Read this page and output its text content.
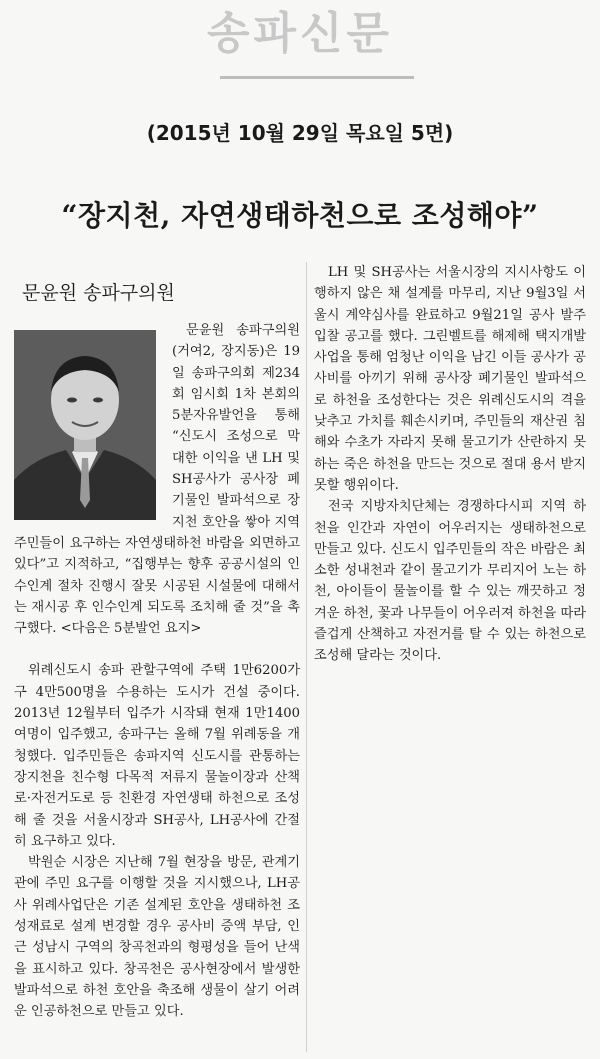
송파신문
(2015년 10월 29일 목요일 5면)
“장지천, 자연생태하천으로 조성해야”
문윤원 송파구의원

문윤원 송파구의원(거여2, 장지동)은 19일 송파구의회 제234회 임시회 1차 본회의 5분자유발언을 통해 “신도시 조성으로 막대한 이익을 낸 LH 및 SH공사가 공사장 폐기물인 발파석으로 장지천 호안을 쌓아 지역주민들이 요구하는 자연생태하천 바람을 외면하고 있다”고 지적하고, “집행부는 향후 공공시설의 인수인계 절차 진행시 잘못 시공된 시설물에 대해서는 재시공 후 인수인계 되도록 조치해 줄 것”을 촉구했다. <다음은 5분발언 요지>

위례신도시 송파 관할구역에 주택 1만6200가구 4만500명을 수용하는 도시가 건설 중이다. 2013년 12월부터 입주가 시작돼 현재 1만1400여명이 입주했고, 송파구는 올해 7월 위례동을 개청했다. 입주민들은 송파지역 신도시를 관통하는 장지천을 친수형 다목적 저류지 물놀이장과 산책로·자전거도로 등 친환경 자연생태 하천으로 조성해 줄 것을 서울시장과 SH공사, LH공사에 간절히 요구하고 있다.

박원순 시장은 지난해 7월 현장을 방문, 관계기관에 주민 요구를 이행할 것을 지시했으나, LH공사 위례사업단은 기존 설계된 호안을 생태하천 조성재료로 설계 변경할 경우 공사비 증액 부담, 인근 성남시 구역의 창곡천과의 형평성을 들어 난색을 표시하고 있다. 창곡천은 공사현장에서 발생한 발파석으로 하천 호안을 축조해 생물이 살기 어려운 인공하천으로 만들고 있다.

LH 및 SH공사는 서울시장의 지시사항도 이행하지 않은 채 설계를 마무리, 지난 9월3일 서울시 계약심사를 완료하고 9월21일 공사 발주 입찰 공고를 했다. 그린벨트를 해제해 택지개발 사업을 통해 엄청난 이익을 남긴 이들 공사가 공사비를 아끼기 위해 공사장 폐기물인 발파석으로 하천을 조성한다는 것은 위례신도시의 격을 낮추고 가치를 훼손시키며, 주민들의 재산권 침해와 수초가 자라지 못해 물고기가 산란하지 못하는 죽은 하천을 만드는 것으로 절대 용서 받지 못할 행위이다.

전국 지방자치단체는 경쟁하다시피 지역 하천을 인간과 자연이 어우러지는 생태하천으로 만들고 있다. 신도시 입주민들의 작은 바람은 최소한 성내천과 같이 물고기가 무리지어 노는 하천, 아이들이 물놀이를 할 수 있는 깨끗하고 정겨운 하천, 꽃과 나무들이 어우러져 하천을 따라 즐겁게 산책하고 자전거를 탈 수 있는 하천으로 조성해 달라는 것이다.
